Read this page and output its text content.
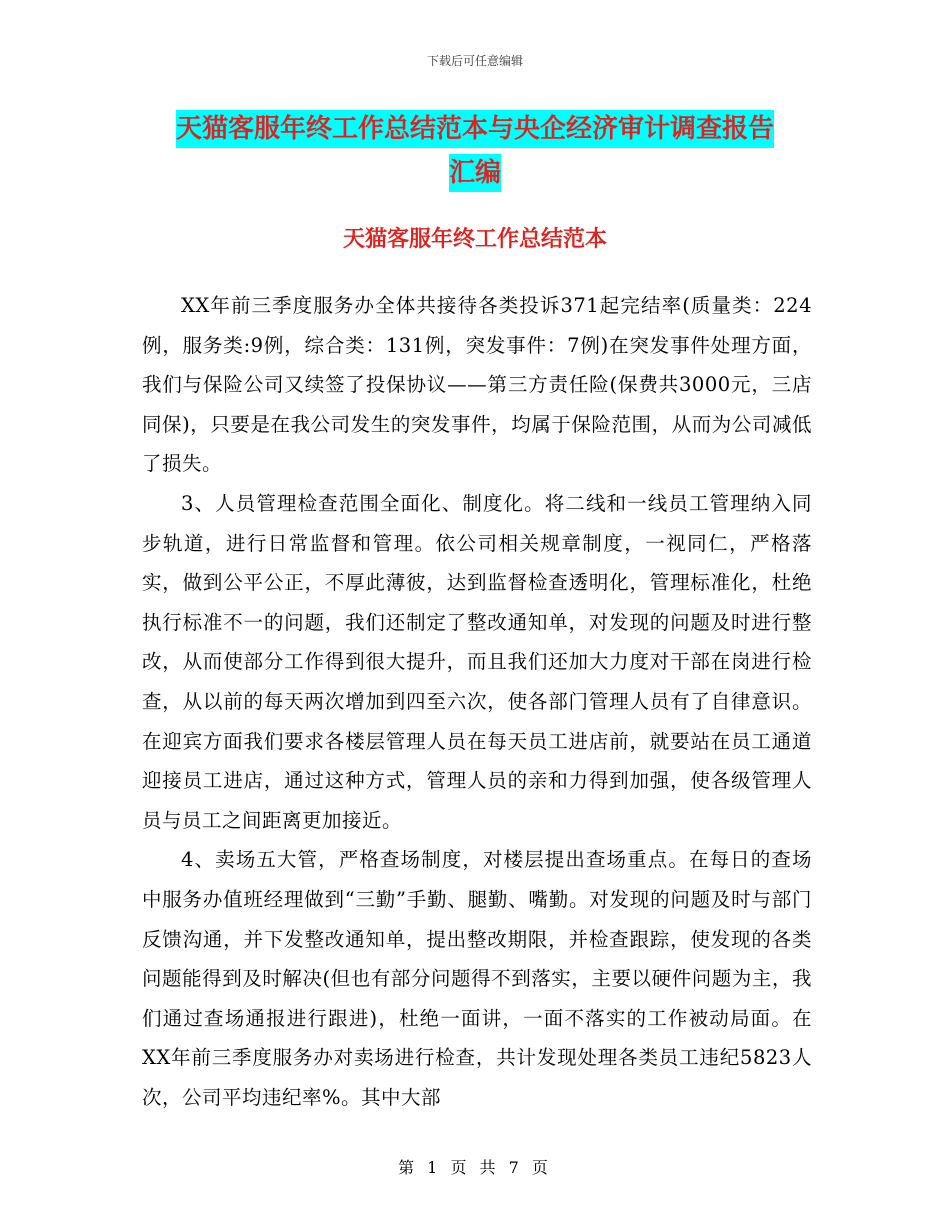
下载后可任意编辑
天猫客服年终工作总结范本与央企经济审计调查报告
汇编
天猫客服年终工作总结范本

XX年前三季度服务办全体共接待各类投诉371起完结率(质量类：224例，服务类:9例，综合类：131例，突发事件：7例)在突发事件处理方面，我们与保险公司又续签了投保协议——第三方责任险(保费共3000元，三店同保)，只要是在我公司发生的突发事件，均属于保险范围，从而为公司减低了损失。

3、人员管理检查范围全面化、制度化。将二线和一线员工管理纳入同步轨道，进行日常监督和管理。依公司相关规章制度，一视同仁，严格落实，做到公平公正，不厚此薄彼，达到监督检查透明化，管理标准化，杜绝执行标准不一的问题，我们还制定了整改通知单，对发现的问题及时进行整改，从而使部分工作得到很大提升，而且我们还加大力度对干部在岗进行检查，从以前的每天两次增加到四至六次，使各部门管理人员有了自律意识。在迎宾方面我们要求各楼层管理人员在每天员工进店前，就要站在员工通道迎接员工进店，通过这种方式，管理人员的亲和力得到加强，使各级管理人员与员工之间距离更加接近。

4、卖场五大管，严格查场制度，对楼层提出查场重点。在每日的查场中服务办值班经理做到“三勤”手勤、腿勤、嘴勤。对发现的问题及时与部门反馈沟通，并下发整改通知单，提出整改期限，并检查跟踪，使发现的各类问题能得到及时解决(但也有部分问题得不到落实，主要以硬件问题为主，我们通过查场通报进行跟进)，杜绝一面讲，一面不落实的工作被动局面。在XX年前三季度服务办对卖场进行检查，共计发现处理各类员工违纪5823人次，公司平均违纪率%。其中大部

第 1 页 共 7 页
